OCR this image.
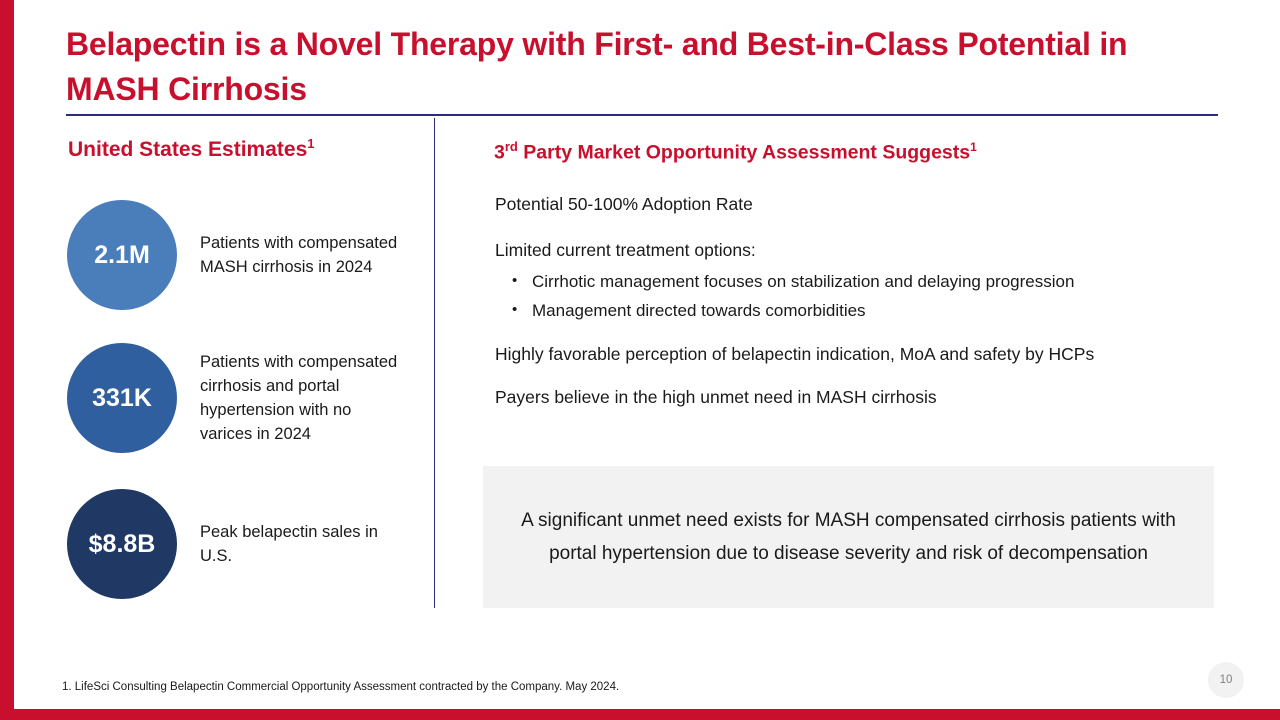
Belapectin is a Novel Therapy with First- and Best-in-Class Potential in MASH Cirrhosis
United States Estimates$^1$
2.1M	Patients with compensated MASH cirrhosis in 2024
331K
Patients with compensated cirrhosis and portal hypertension with no varices in 2024
$8.8B	Peak belapectin sales in U.S.
3rd Party Market Opportunity Assessment Suggests$^1$
Potential 50-100% Adoption Rate
Limited current treatment options:
• Cirrhotic management focuses on stabilization and delaying progression
• Management directed towards comorbidities
Highly favorable perception of belapectin indication, MoA and safety by HCPs
Payers believe in the high unmet need in MASH cirrhosis
A significant unmet need exists for MASH compensated cirrhosis patients with portal hypertension due to disease severity and risk of decompensation
1. LifeSci Consulting Belapectin Commercial Opportunity Assessment contracted by the Company. May 2024.
10
